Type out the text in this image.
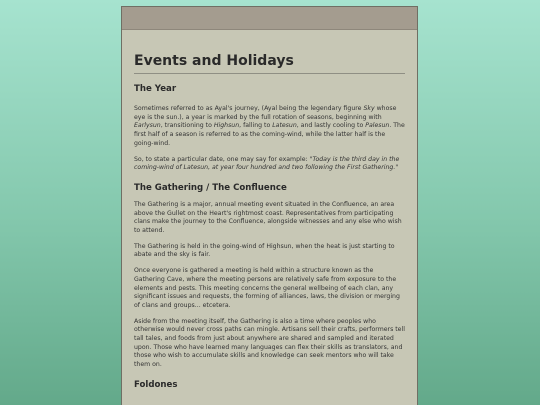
Events and Holidays
The Year

Sometimes referred to as Ayal's journey, (Ayal being the legendary figure Sky whose eye is the sun.), a year is marked by the full rotation of seasons, beginning with Earlysun, transitioning to Highsun, falling to Latesun, and lastly cooling to Palesun. The first half of a season is referred to as the coming-wind, while the latter half is the going-wind.

So, to state a particular date, one may say for example: "Today is the third day in the coming-wind of Latesun, at year four hundred and two following the First Gathering."

The Gathering / The Confluence

The Gathering is a major, annual meeting event situated in the Confluence, an area above the Gullet on the Heart's rightmost coast. Representatives from participating clans make the journey to the Confluence, alongside witnesses and any else who wish to attend.

The Gathering is held in the going-wind of Highsun, when the heat is just starting to abate and the sky is fair.

Once everyone is gathered a meeting is held within a structure known as the Gathering Cave, where the meeting persons are relatively safe from exposure to the elements and pests. This meeting concerns the general wellbeing of each clan, any significant issues and requests, the forming of alliances, laws, the division or merging of clans and groups... etcetera.

Aside from the meeting itself, the Gathering is also a time where peoples who otherwise would never cross paths can mingle. Artisans sell their crafts, performers tell tall tales, and foods from just about anywhere are shared and sampled and iterated upon. Those who have learned many languages can flex their skills as translators, and those who wish to accumulate skills and knowledge can seek mentors who will take them on.

Foldones
